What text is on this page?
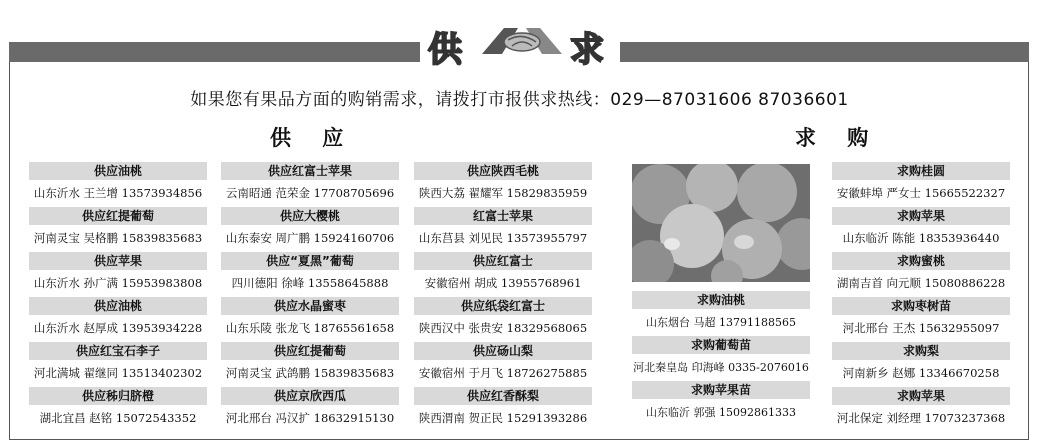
供	求
如果您有果品方面的购销需求，请拨打市报供求热线：029—87031606 87036601
供 应	求 购
供应油桃
山东沂水 王兰增 13573934856
供应红提葡萄
河南灵宝 吴格鹏 15839835683
供应苹果
山东沂水 孙广满 15953983808
供应油桃
山东沂水 赵厚成 13953934228
供应红宝石李子
河北满城 翟继同 13513402302
供应秭归脐橙
湖北宜昌 赵铭 15072543352
供应红富士苹果
云南昭通 范荣金 17708705696
供应大樱桃
山东泰安 周广鹏 15924160706
供应“夏黑”葡萄
四川德阳 徐峰 13558645888
供应水晶蜜枣
山东乐陵 张龙飞 18765561658
供应红提葡萄
河南灵宝 武鸽鹏 15839835683
供应京欣西瓜
河北邢台 冯汉扩 18632915130
供应陕西毛桃
陕西大荔 翟耀军 15829835959
红富士苹果
山东莒县 刘见民 13573955797
供应红富士
安徽宿州 胡成 13955768961
供应纸袋红富士
陕西汉中 张贵安 18329568065
供应砀山梨
安徽宿州 于月飞 18726275885
供应红香酥梨
陕西渭南 贺正民 15291393286
求购油桃
山东烟台 马超 13791188565
求购葡萄苗
河北秦皇岛 印海峰 0335-2076016
求购苹果苗
山东临沂 郭强 15092861333
求购桂圆
安徽蚌埠 严女士 15665522327
求购苹果
山东临沂 陈能 18353936440
求购蜜桃
湖南吉首 向元顺 15080886228
求购枣树苗
河北邢台 王杰 15632955097
求购梨
河南新乡 赵娜 13346670258
求购苹果
河北保定 刘经理 17073237368
